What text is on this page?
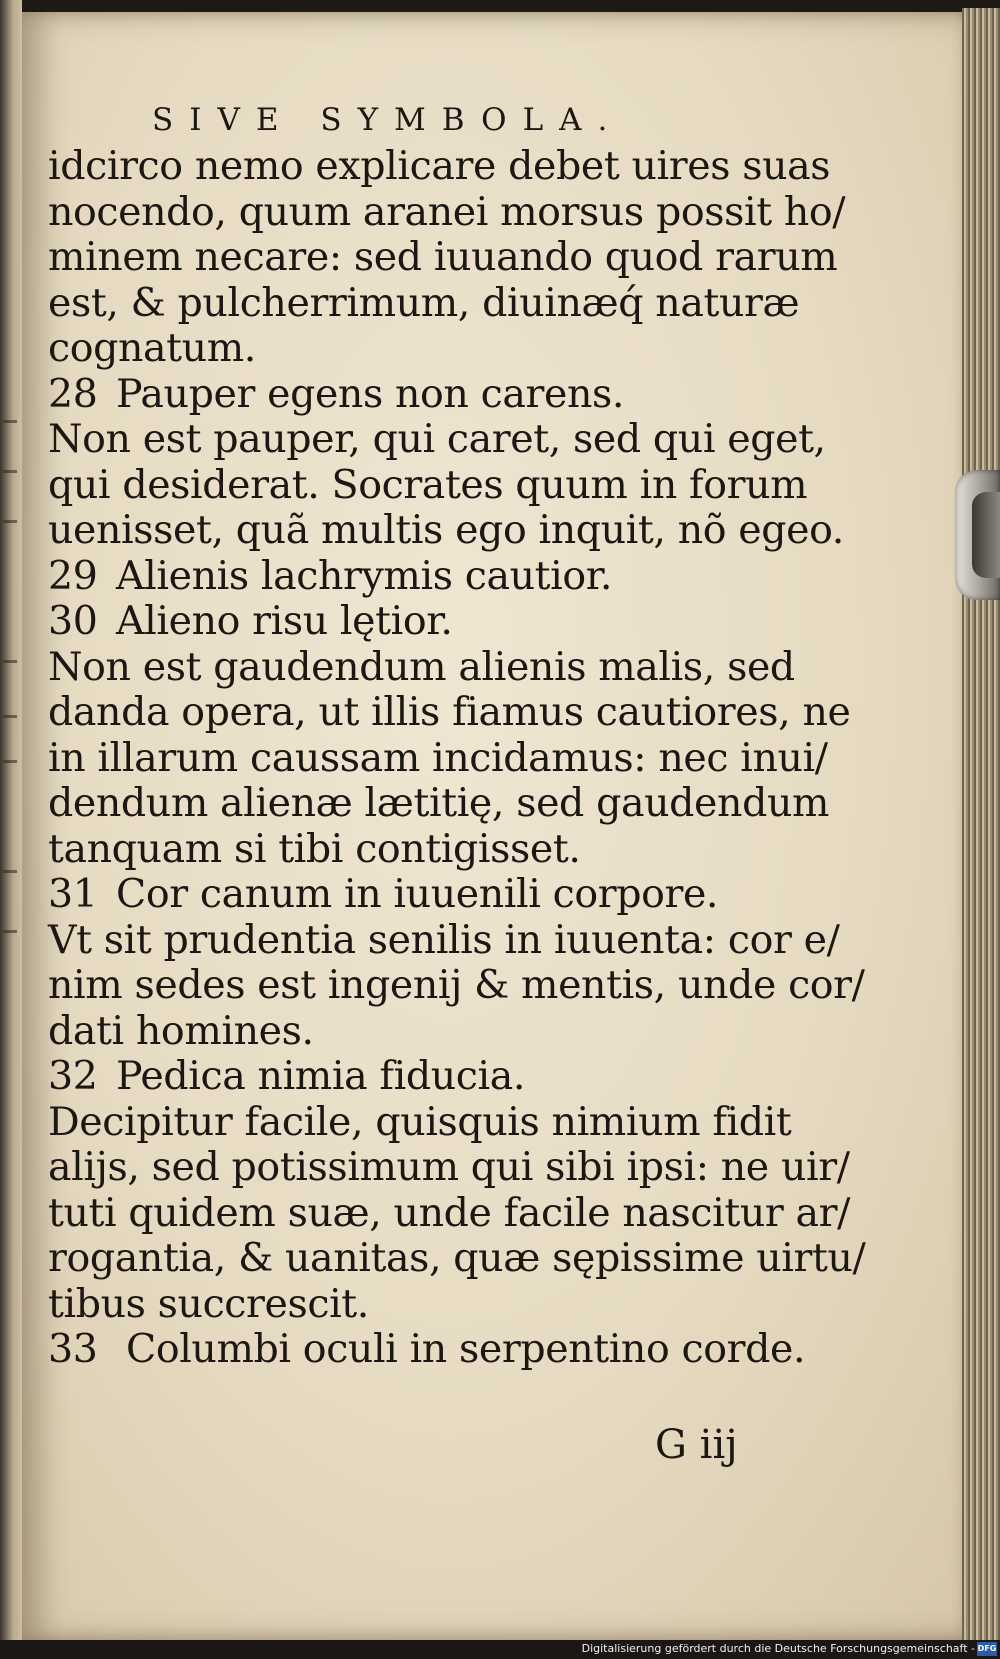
SIVE SYMBOLA.
idcirco nemo explicare debet uires suas
nocendo, quum aranei morsus possit ho/
minem necare: sed iuuando quod rarum
est, & pulcherrimum, diuinæq́ naturæ
cognatum.
28 Pauper egens non carens.
Non est pauper, qui caret, sed qui eget,
qui desiderat. Socrates quum in forum
uenisset, quã multis ego inquit, nõ egeo.
29 Alienis lachrymis cautior.
30 Alieno risu lętior.
Non est gaudendum alienis malis, sed
danda opera, ut illis fiamus cautiores, ne
in illarum caussam incidamus: nec inui/
dendum alienæ lætitię, sed gaudendum
tanquam si tibi contigisset.
31 Cor canum in iuuenili corpore.
Vt sit prudentia senilis in iuuenta: cor e/
nim sedes est ingenij & mentis, unde cor/
dati homines.
32 Pedica nimia fiducia.
Decipitur facile, quisquis nimium fidit
alijs, sed potissimum qui sibi ipsi: ne uir/
tuti quidem suæ, unde facile nascitur ar/
rogantia, & uanitas, quæ sępissime uirtu/
tibus succrescit.
33 Columbi oculi in serpentino corde.
G iij
Digitalisierung gefördert durch die Deutsche Forschungsgemeinschaft - DFG
